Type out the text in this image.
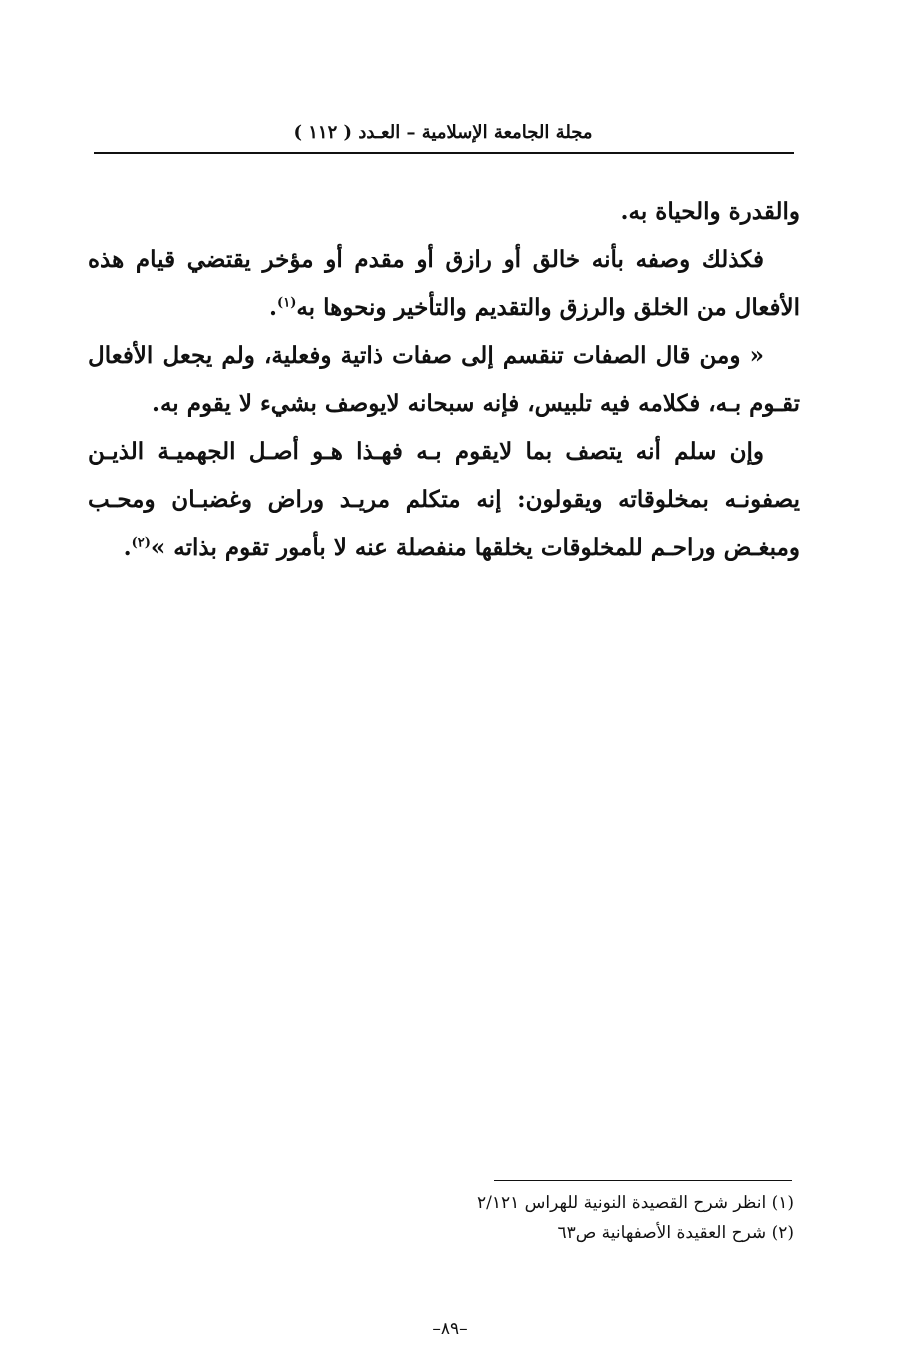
مجلة الجامعة الإسلامية – العـدد ( ١١٢ )

والقدرة والحياة به.

فكذلك وصفه بأنه خالق أو رازق أو مقدم أو مؤخر يقتضي قيام هذه الأفعال من الخلق والرزق والتقديم والتأخير ونحوها به$^{(١)}$.

« ومن قال الصفات تنقسم إلى صفات ذاتية وفعلية، ولم يجعل الأفعال تقـوم بـه، فكلامه فيه تلبيس، فإنه سبحانه لايوصف بشيء لا يقوم به.

وإن سلم أنه يتصف بما لايقوم بـه فهـذا هـو أصـل الجهميـة الذيـن يصفونـه بمخلوقاته ويقولون: إنه متكلم مريـد وراض وغضبـان ومحـب ومبغـض وراحـم للمخلوقات يخلقها منفصلة عنه لا بأمور تقوم بذاته »$^{(٢)}$.

(١) انظر شرح القصيدة النونية للهراس ٢/١٢١
(٢) شرح العقيدة الأصفهانية ص٦٣
–٨٩–
